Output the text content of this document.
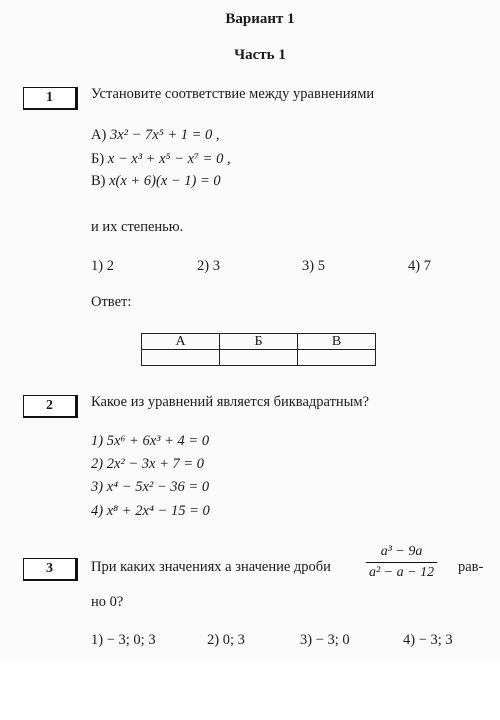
Вариант 1
Часть 1
1	Установите соответствие между уравнениями
А) 3x² − 7x⁵ + 1 = 0 ,
Б) x − x³ + x⁵ − x⁷ = 0 ,
В) x(x + 6)(x − 1) = 0
и их степенью.
1) 2	2) 3	3) 5	4) 7
Ответ:
А	Б	В

2	Какое из уравнений является биквадратным?
1) 5x⁶ + 6x³ + 4 = 0
2) 2x² − 3x + 7 = 0
3) x⁴ − 5x² − 36 = 0
4) x⁸ + 2x⁴ − 15 = 0
3	При каких значениях a значение дроби	$\frac{\text{a³ − 9a}}{\text{a² − a − 12}} рав-$
но 0?
1) − 3; 0; 3	2) 0; 3	3) − 3; 0	4) − 3; 3
